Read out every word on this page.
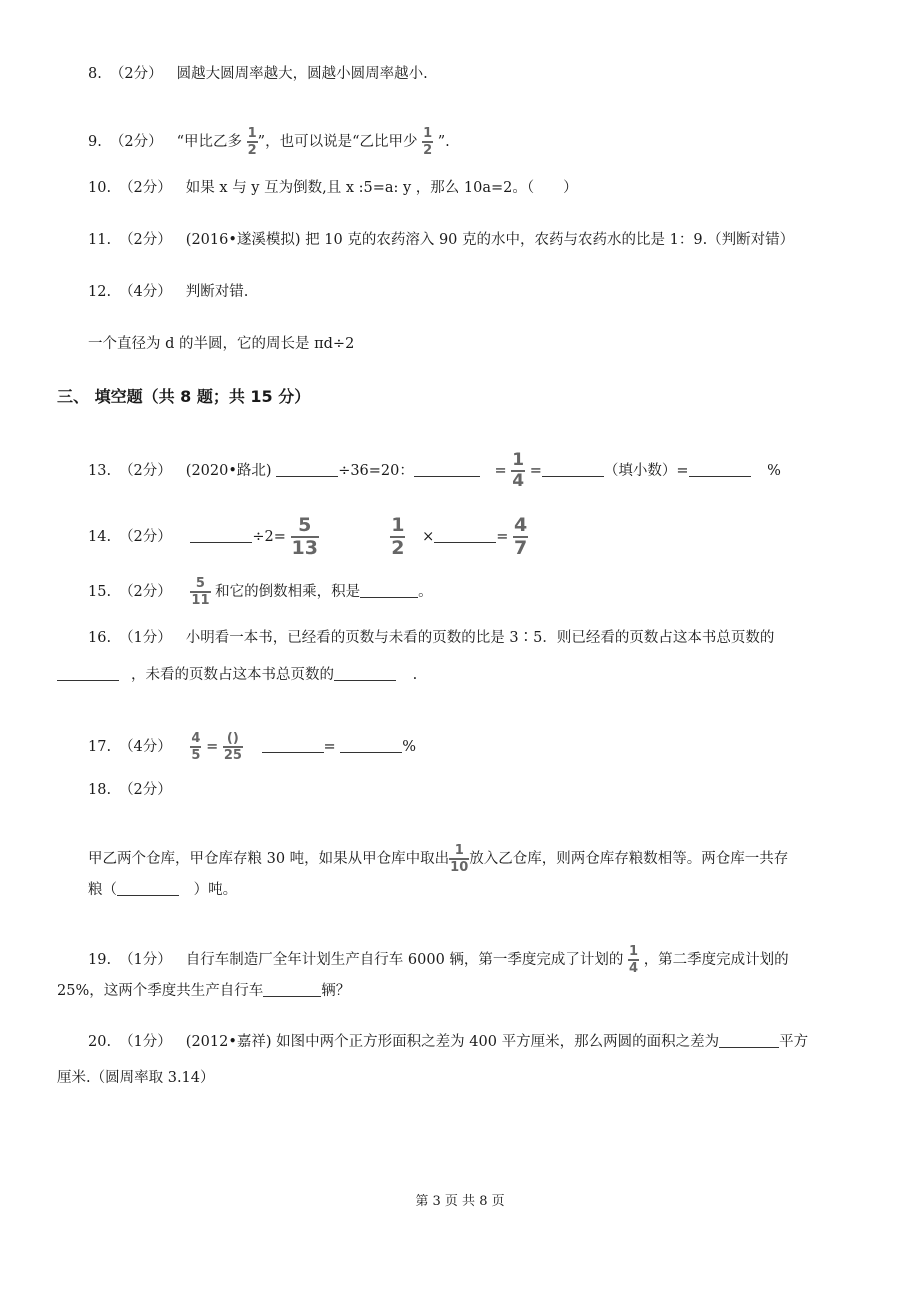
8. （2分） 圆越大圆周率越大，圆越小圆周率越小.
9. （2分） “甲比乙多 $\frac{1}{2}$ ”，也可以说是“乙比甲少 $\frac{1}{2}$ ”.
10. （2分） 如果 x 与 y 互为倒数,且 x :5=a: y ，那么 10a=2。（　　）
11. （2分） (2016•遂溪模拟) 把 10 克的农药溶入 90 克的水中，农药与农药水的比是 1：9.（判断对错）
12. （4分） 判断对错.
一个直径为 d 的半圆，它的周长是 πd÷2
三、 填空题（共 8 题；共 15 分）
13. （2分） (2020•路北)	÷36=20：	= $\frac{1}{4}$ =	（填小数）=	%
14. （2分）	$\div 2= \frac{5}{13}$
	$\frac{1}{2}$ ×	= $\frac{4}{7}$
15. （2分） $\frac{5}{11}$ 和它的倒数相乘，积是	。
16. （1分） 小明看一本书，已经看的页数与未看的页数的比是 3∶5．则已经看的页数占这本书总页数的
，未看的页数占这本书总页数的	.
17. （4分） $\frac{4}{5} = \frac{()}{25}$	=	%
18. （2分）
甲乙两个仓库，甲仓库存粮 30 吨，如果从甲仓库中取出 $\frac{1}{10}$ 放入乙仓库，则两仓库存粮数相等。两仓库一共存
粮（	）吨。
19. （1分） 自行车制造厂全年计划生产自行车 6000 辆，第一季度完成了计划的 $\frac{1}{4}$ ，第二季度完成计划的
25%，这两个季度共生产自行车	辆？
20. （1分） (2012•嘉祥) 如图中两个正方形面积之差为 400 平方厘米，那么两圆的面积之差为	平方
厘米.（圆周率取 3.14）
第 3 页 共 8 页
